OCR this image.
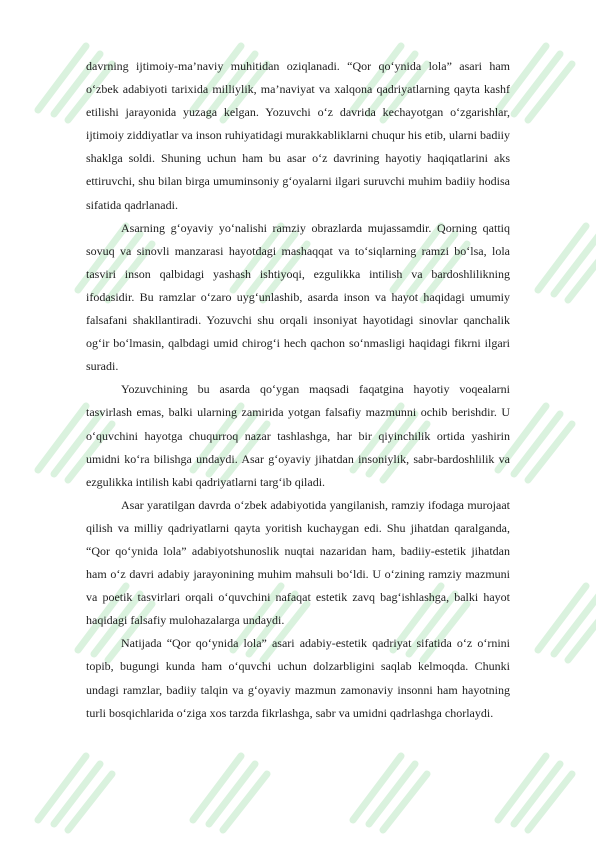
davrning ijtimoiy-ma’naviy muhitidan oziqlanadi. “Qor qo‘ynida lola” asari ham o‘zbek adabiyoti tarixida milliylik, ma’naviyat va xalqona qadriyatlarning qayta kashf etilishi jarayonida yuzaga kelgan. Yozuvchi o‘z davrida kechayotgan o‘zgarishlar, ijtimoiy ziddiyatlar va inson ruhiyatidagi murakkabliklarni chuqur his etib, ularni badiiy shaklga soldi. Shuning uchun ham bu asar o‘z davrining hayotiy haqiqatlarini aks ettiruvchi, shu bilan birga umuminsoniy g‘oyalarni ilgari suruvchi muhim badiiy hodisa sifatida qadrlanadi.

Asarning g‘oyaviy yo‘nalishi ramziy obrazlarda mujassamdir. Qorning qattiq sovuq va sinovli manzarasi hayotdagi mashaqqat va to‘siqlarning ramzi bo‘lsa, lola tasviri inson qalbidagi yashash ishtiyoqi, ezgulikka intilish va bardoshlilikning ifodasidir. Bu ramzlar o‘zaro uyg‘unlashib, asarda inson va hayot haqidagi umumiy falsafani shakllantiradi. Yozuvchi shu orqali insoniyat hayotidagi sinovlar qanchalik og‘ir bo‘lmasin, qalbdagi umid chirog‘i hech qachon so‘nmasligi haqidagi fikrni ilgari suradi.

Yozuvchining bu asarda qo‘ygan maqsadi faqatgina hayotiy voqealarni tasvirlash emas, balki ularning zamirida yotgan falsafiy mazmunni ochib berishdir. U o‘quvchini hayotga chuqurroq nazar tashlashga, har bir qiyinchilik ortida yashirin umidni ko‘ra bilishga undaydi. Asar g‘oyaviy jihatdan insoniylik, sabr-bardoshlilik va ezgulikka intilish kabi qadriyatlarni targ‘ib qiladi.

Asar yaratilgan davrda o‘zbek adabiyotida yangilanish, ramziy ifodaga murojaat qilish va milliy qadriyatlarni qayta yoritish kuchaygan edi. Shu jihatdan qaralganda, “Qor qo‘ynida lola” adabiyotshunoslik nuqtai nazaridan ham, badiiy-estetik jihatdan ham o‘z davri adabiy jarayonining muhim mahsuli bo‘ldi. U o‘zining ramziy mazmuni va poetik tasvirlari orqali o‘quvchini nafaqat estetik zavq bag‘ishlashga, balki hayot haqidagi falsafiy mulohazalarga undaydi.

Natijada “Qor qo‘ynida lola” asari adabiy-estetik qadriyat sifatida o‘z o‘rnini topib, bugungi kunda ham o‘quvchi uchun dolzarbligini saqlab kelmoqda. Chunki undagi ramzlar, badiiy talqin va g‘oyaviy mazmun zamonaviy insonni ham hayotning turli bosqichlarida o‘ziga xos tarzda fikrlashga, sabr va umidni qadrlashga chorlaydi.
